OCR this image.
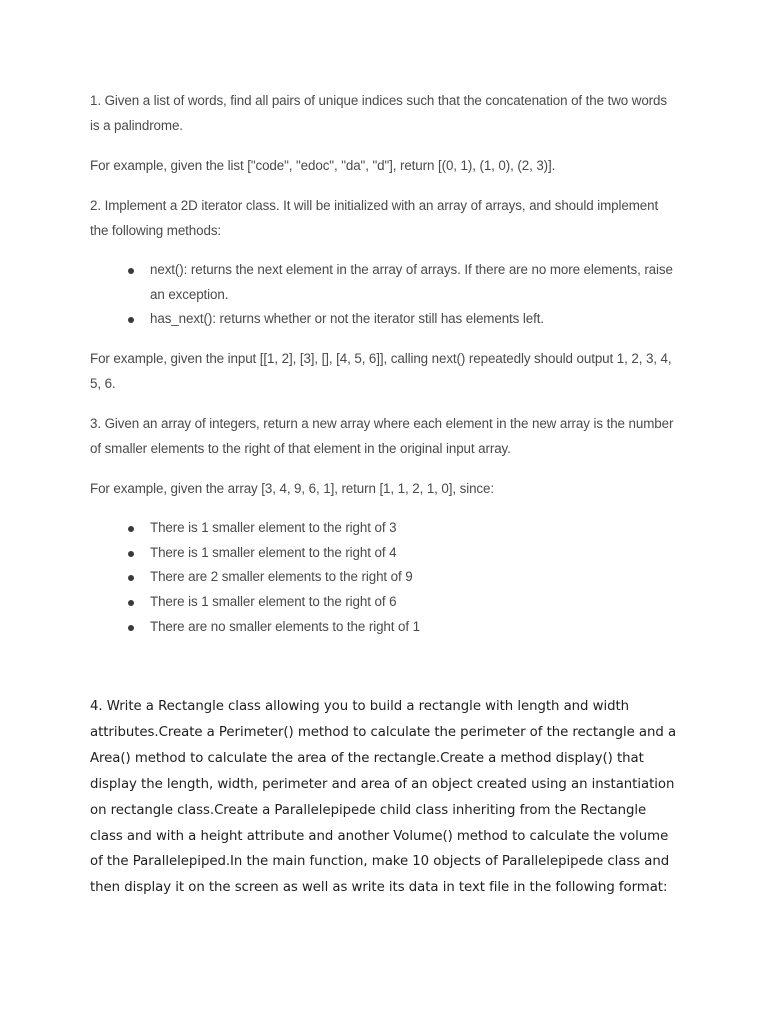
1. Given a list of words, find all pairs of unique indices such that the concatenation of the two words is a palindrome.

For example, given the list ["code", "edoc", "da", "d"], return [(0, 1), (1, 0), (2, 3)].

2. Implement a 2D iterator class. It will be initialized with an array of arrays, and should implement the following methods:

next(): returns the next element in the array of arrays. If there are no more elements, raise an exception.
has_next(): returns whether or not the iterator still has elements left.

For example, given the input [[1, 2], [3], [], [4, 5, 6]], calling next() repeatedly should output 1, 2, 3, 4, 5, 6.

3. Given an array of integers, return a new array where each element in the new array is the number of smaller elements to the right of that element in the original input array.

For example, given the array [3, 4, 9, 6, 1], return [1, 1, 2, 1, 0], since:

There is 1 smaller element to the right of 3
There is 1 smaller element to the right of 4
There are 2 smaller elements to the right of 9
There is 1 smaller element to the right of 6
There are no smaller elements to the right of 1

4. Write a Rectangle class allowing you to build a rectangle with length and width attributes.Create a Perimeter() method to calculate the perimeter of the rectangle and a Area() method to calculate the area of the rectangle.Create a method display() that display the length, width, perimeter and area of an object created using an instantiation on rectangle class.Create a Parallelepipede child class inheriting from the Rectangle class and with a height attribute and another Volume() method to calculate the volume of the Parallelepiped.In the main function, make 10 objects of Parallelepipede class and then display it on the screen as well as write its data in text file in the following format:
